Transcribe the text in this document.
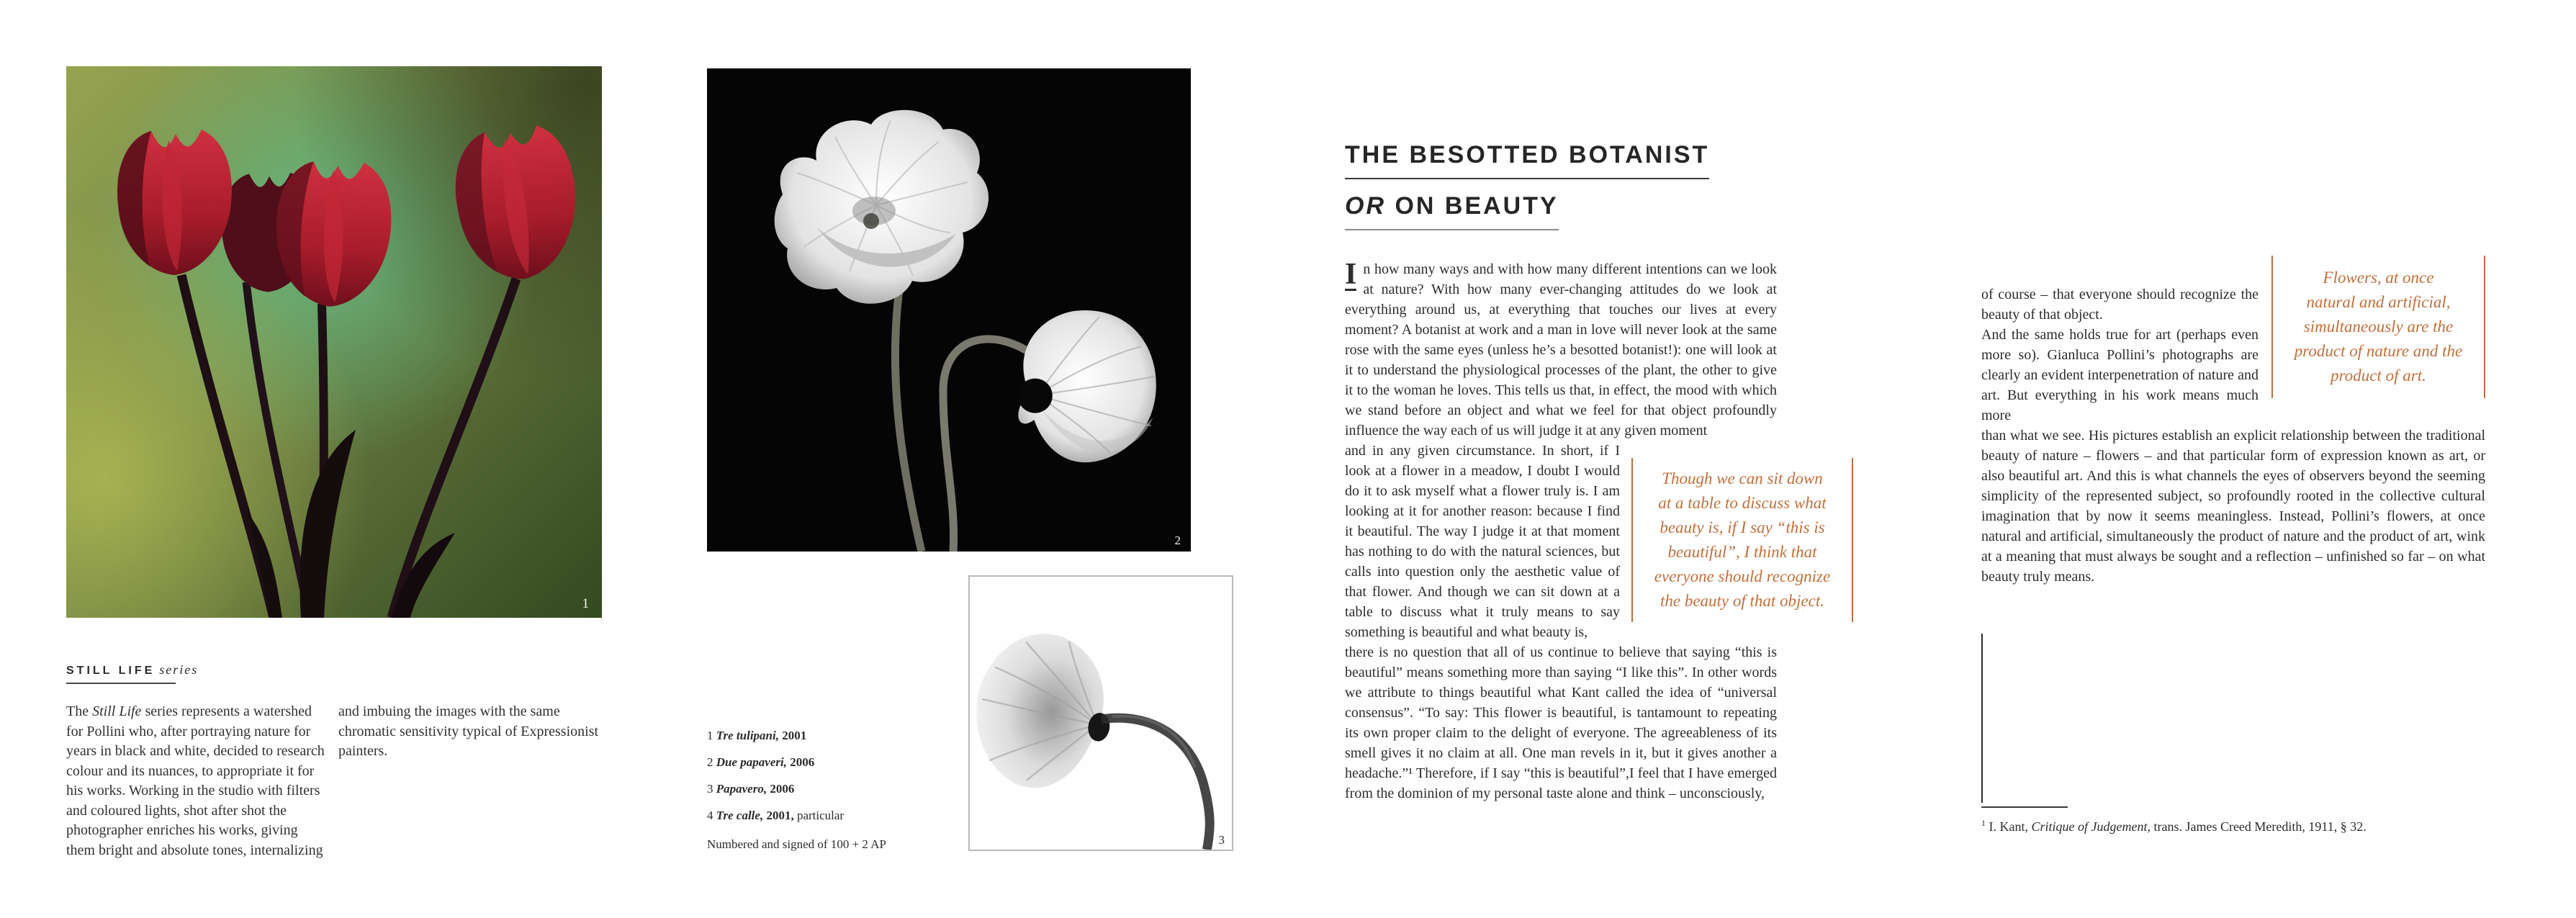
1
STILL LIFE series

The Still Life series represents a watershed for Pollini who, after portraying nature for years in black and white, decided to research colour and its nuances, to appropriate it for his works. Working in the studio with filters and coloured lights, shot after shot the photographer enriches his works, giving them bright and absolute tones, internalizing

and imbuing the images with the same chromatic sensitivity typical of Expressionist painters.

2
3
1 Tre tulipani, 2001
2 Due papaveri, 2006
3 Papavero, 2006
4 Tre calle, 2001, particular
Numbered and signed of 100 + 2 AP
THE BESOTTED BOTANIST
OR ON BEAUTY

I n how many ways and with how many different intentions can we look at nature? With how many ever-changing attitudes do we look at everything around us, at everything that touches our lives at every moment? A botanist at work and a man in love will never look at the same rose with the same eyes (unless he’s a besotted botanist!): one will look at it to understand the physiological processes of the plant, the other to give it to the woman he loves. This tells us that, in effect, the mood with which we stand before an object and what we feel for that object profoundly influence the way each of us will judge it at any given moment

and in any given circumstance. In short, if I look at a flower in a meadow, I doubt I would do it to ask myself what a flower truly is. I am looking at it for another reason: because I find it beautiful. The way I judge it at that moment has nothing to do with the natural sciences, but calls into question only the aesthetic value of that flower. And though we can sit down at a table to discuss what it truly means to say something is beautiful and what beauty is,

Though we can sit down
at a table to discuss what
beauty is, if I say “this is
beautiful”, I think that
everyone should recognize
the beauty of that object.

there is no question that all of us continue to believe that saying “this is beautiful” means something more than saying “I like this”. In other words we attribute to things beautiful what Kant called the idea of “universal consensus”. “To say: This flower is beautiful, is tantamount to repeating its own proper claim to the delight of everyone. The agreeableness of its smell gives it no claim at all. One man revels in it, but it gives another a headache.”¹ Therefore, if I say “this is beautiful”,I feel that I have emerged from the dominion of my personal taste alone and think – unconsciously,

Flowers, at once
natural and artificial,
simultaneously are the
product of nature and the
product of art.

of course – that everyone should recognize the beauty of that object.

And the same holds true for art (perhaps even more so). Gianluca Pollini’s photographs are clearly an evident interpenetration of nature and art. But everything in his work means much more

than what we see. His pictures establish an explicit relationship between the traditional beauty of nature – flowers – and that particular form of expression known as art, or also beautiful art. And this is what channels the eyes of observers beyond the seeming simplicity of the represented subject, so profoundly rooted in the collective cultural imagination that by now it seems meaningless. Instead, Pollini’s flowers, at once natural and artificial, simultaneously the product of nature and the product of art, wink at a meaning that must always be sought and a reflection – unfinished so far – on what beauty truly means.

$^1$ I. Kant, Critique of Judgement, trans. James Creed Meredith, 1911, § 32.
